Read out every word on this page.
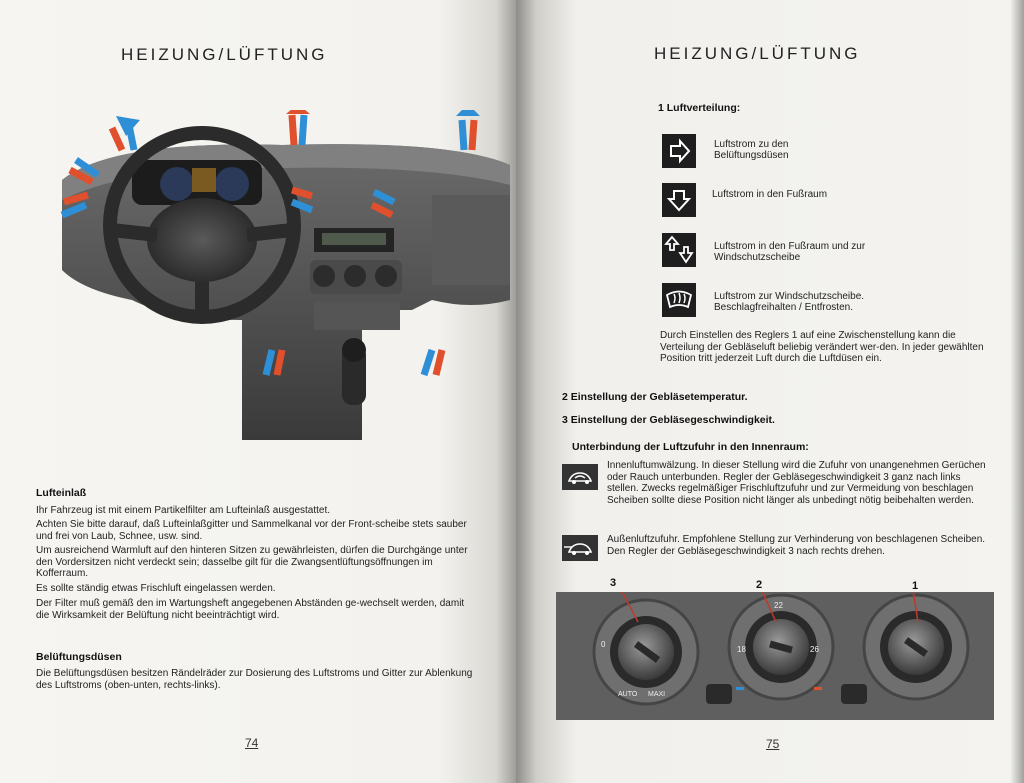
HEIZUNG/LÜFTUNG
Lufteinlaß
Ihr Fahrzeug ist mit einem Partikelfilter am Lufteinlaß ausgestattet.
Achten Sie bitte darauf, daß Lufteinlaßgitter und Sammelkanal vor der Front-scheibe stets sauber und frei von Laub, Schnee, usw. sind.
Um ausreichend Warmluft auf den hinteren Sitzen zu gewährleisten, dürfen die Durchgänge unter den Vordersitzen nicht verdeckt sein; dasselbe gilt für die Zwangsentlüftungsöffnungen im Kofferraum.
Es sollte ständig etwas Frischluft eingelassen werden.
Der Filter muß gemäß den im Wartungsheft angegebenen Abständen ge-wechselt werden, damit die Wirksamkeit der Belüftung nicht beeinträchtigt wird.
Belüftungsdüsen
Die Belüftungsdüsen besitzen Rändelräder zur Dosierung des Luftstroms und Gitter zur Ablenkung des Luftstroms (oben-unten, rechts-links).
74
HEIZUNG/LÜFTUNG
1 Luftverteilung:
Luftstrom zu den Belüftungsdüsen
Luftstrom in den Fußraum
Luftstrom in den Fußraum und zur Windschutzscheibe
Luftstrom zur Windschutzscheibe. Beschlagfreihalten / Entfrosten.
Durch Einstellen des Reglers 1 auf eine Zwischenstellung kann die Verteilung der Gebläseluft beliebig verändert wer-den. In jeder gewählten Position tritt jederzeit Luft durch die Luftdüsen ein.
2 Einstellung der Gebläsetemperatur.
3 Einstellung der Gebläsegeschwindigkeit.
Unterbindung der Luftzufuhr in den Innenraum:
Innenluftumwälzung. In dieser Stellung wird die Zufuhr von unangenehmen Gerüchen oder Rauch unterbunden. Regler der Gebläsegeschwindigkeit 3 ganz nach links stellen. Zwecks regelmäßiger Frischluftzufuhr und zur Vermeidung von beschlagen Scheiben sollte diese Position nicht länger als unbedingt nötig beibehalten werden.
Außenluftzufuhr. Empfohlene Stellung zur Verhinderung von beschlagenen Scheiben. Den Regler der Gebläsegeschwindigkeit 3 nach rechts drehen.
3	2	1
0
AUTO MAXI
18
22
26
75
